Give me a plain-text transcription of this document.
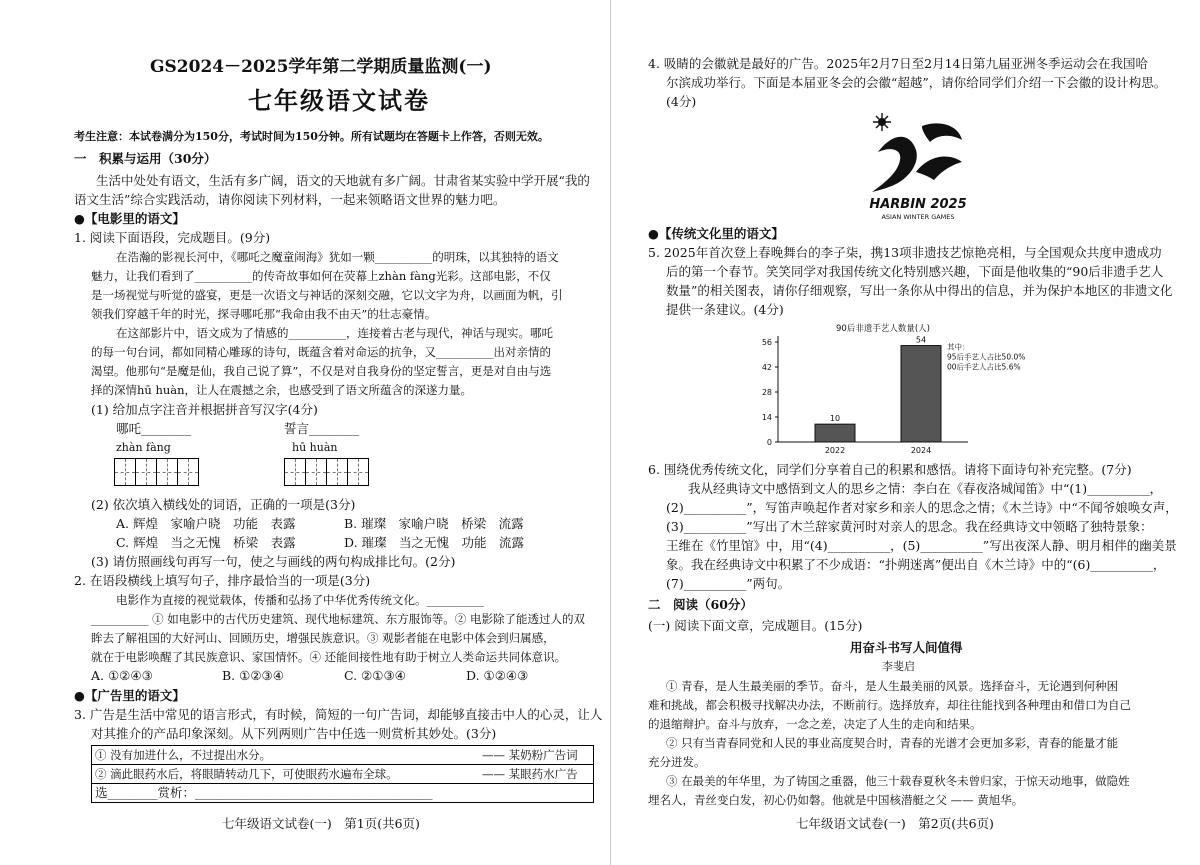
GS2024－2025学年第二学期质量监测(一)
七年级语文试卷
考生注意：本试卷满分为150分，考试时间为150分钟。所有试题均在答题卡上作答，否则无效。
一　积累与运用（30分）
生活中处处有语文，生活有多广阔，语文的天地就有多广阔。甘肃省某实验中学开展“我的
语文生活”综合实践活动，请你阅读下列材料，一起来领略语文世界的魅力吧。
●【电影里的语文】
1. 阅读下面语段，完成题目。(9分)
在浩瀚的影视长河中，《哪吒之魔童闹海》犹如一颗__________的明珠，以其独特的语文
魅力，让我们看到了__________的传奇故事如何在荧幕上zhàn fàng光彩。这部电影，不仅
是一场视觉与听觉的盛宴，更是一次语文与神话的深刻交融，它以文字为舟，以画面为帆，引
领我们穿越千年的时光，探寻哪吒那“我命由我不由天”的壮志豪情。
在这部影片中，语文成为了情感的__________，连接着古老与现代，神话与现实。哪吒
的每一句台词，都如同精心雕琢的诗句，既蕴含着对命运的抗争，又__________出对亲情的
渴望。他那句“是魔是仙，我自己说了算”，不仅是对自我身份的坚定誓言，更是对自由与选
择的深情hū huàn，让人在震撼之余，也感受到了语文所蕴含的深遂力量。
(1) 给加点字注音并根据拼音写汉字(4分)
哪吒________	誓言________
zhàn fàng	hū huàn
(2) 依次填入横线处的词语，正确的一项是(3分)
A. 辉煌　家喻户晓　功能　表露	B. 璀璨　家喻户晓　桥梁　流露
C. 辉煌　当之无愧　桥梁　表露	D. 璀璨　当之无愧　功能　流露
(3) 请仿照画线句再写一句，使之与画线的两句构成排比句。(2分)
2. 在语段横线上填写句子，排序最恰当的一项是(3分)
电影作为直接的视觉载体，传播和弘扬了中华优秀传统文化。__________
__________ ① 如电影中的古代历史建筑、现代地标建筑、东方服饰等。② 电影除了能透过人的双
眸去了解祖国的大好河山、回顾历史，增强民族意识。③ 观影者能在电影中体会到归属感，
就在于电影唤醒了其民族意识、家国情怀。④ 还能间接性地有助于树立人类命运共同体意识。
A. ①②④③	B. ①②③④	C. ②①③④	D. ①②④③
●【广告里的语文】
3. 广告是生活中常见的语言形式，有时候，简短的一句广告词，却能够直接击中人的心灵，让人
对其推介的产品印象深刻。从下列两则广告中任选一则赏析其妙处。(3分)
① 没有加进什么，不过提出水分。	—— 某奶粉广告词
② 滴此眼药水后，将眼睛转动几下，可使眼药水遍布全球。	—— 某眼药水广告
选________赏析：______________________________________
七年级语文试卷(一)　第1页(共6页)
4. 吸睛的会徽就是最好的广告。2025年2月7日至2月14日第九届亚洲冬季运动会在我国哈
尔滨成功举行。下面是本届亚冬会的会徽“超越”，请你给同学们介绍一下会徽的设计构思。
(4分)
HARBIN 2025
ASIAN WINTER GAMES
●【传统文化里的语文】
5. 2025年首次登上春晚舞台的李子柒，携13项非遗技艺惊艳亮相，与全国观众共度申遗成功
后的第一个春节。笑笑同学对我国传统文化特别感兴趣，下面是他收集的“90后非遗手艺人
数量”的相关图表，请你仔细观察，写出一条你从中得出的信息，并为保护本地区的非遗文化
提供一条建议。(4分)
90后非遗手艺人数量(人)
0
14
28
42
56
10
2022
54
2024
其中：
95后手艺人占比50.0%
00后手艺人占比5.6%
6. 围绕优秀传统文化，同学们分享着自己的积累和感悟。请将下面诗句补充完整。(7分)
我从经典诗文中感悟到文人的思乡之情：李白在《春夜洛城闻笛》中“(1)__________，
(2)__________”，写笛声唤起作者对家乡和亲人的思念之情；《木兰诗》中“不闻爷娘唤女声，
(3)__________”写出了木兰辞家黄河时对亲人的思念。我在经典诗文中领略了独特景象：
王维在《竹里馆》中，用“(4)__________，(5)__________”写出夜深人静、明月相伴的幽美景
象。我在经典诗文中积累了不少成语：“扑朔迷离”便出自《木兰诗》中的“(6)__________，
(7)__________”两句。
二　阅读（60分）
(一) 阅读下面文章，完成题目。(15分)
用奋斗书写人间值得
李斐启
① 青春，是人生最美丽的季节。奋斗，是人生最美丽的风景。选择奋斗，无论遇到何种困
难和挑战，都会积极寻找解决办法，不断前行。选择放弃，却往往能找到各种理由和借口为自己
的退缩辩护。奋斗与放弃，一念之差，决定了人生的走向和结果。
② 只有当青春同党和人民的事业高度契合时，青春的光谱才会更加多彩，青春的能量才能
充分迸发。
③ 在最美的年华里，为了铸国之重器，他三十载春夏秋冬未曾归家，于惊天动地事，做隐姓
埋名人，青丝变白发，初心仍如磐。他就是中国核潜艇之父 —— 黄旭华。
七年级语文试卷(一)　第2页(共6页)
